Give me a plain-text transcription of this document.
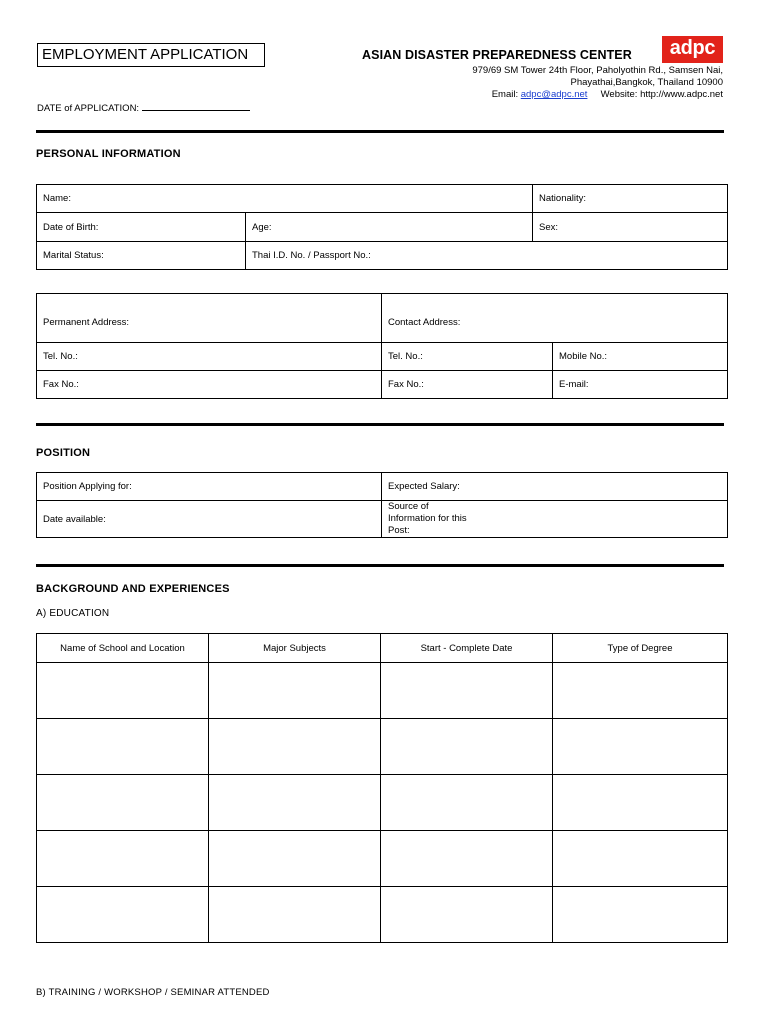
EMPLOYMENT APPLICATION	ASIAN DISASTER PREPAREDNESS CENTER	adpc
979/69 SM Tower 24th Floor, Paholyothin Rd., Samsen Nai,
Phayathai,Bangkok, Thailand 10900
Email: adpc@adpc.net Website: http://www.adpc.net
DATE of APPLICATION:
PERSONAL INFORMATION
Name:		Nationality:
Date of Birth:	Age:	Sex:
Marital Status:	Thai I.D. No. / Passport No.:	
Permanent Address:	Contact Address:	
Tel. No.:	Tel. No.:	Mobile No.:
Fax No.:	Fax No.:	E-mail:
POSITION
Position Applying for:	Expected Salary:
Date available:	Source of
Information for this
Post:
BACKGROUND AND EXPERIENCES
A) EDUCATION
Name of School and Location	Major Subjects	Start - Complete Date	Type of Degree

B) TRAINING / WORKSHOP / SEMINAR ATTENDED
